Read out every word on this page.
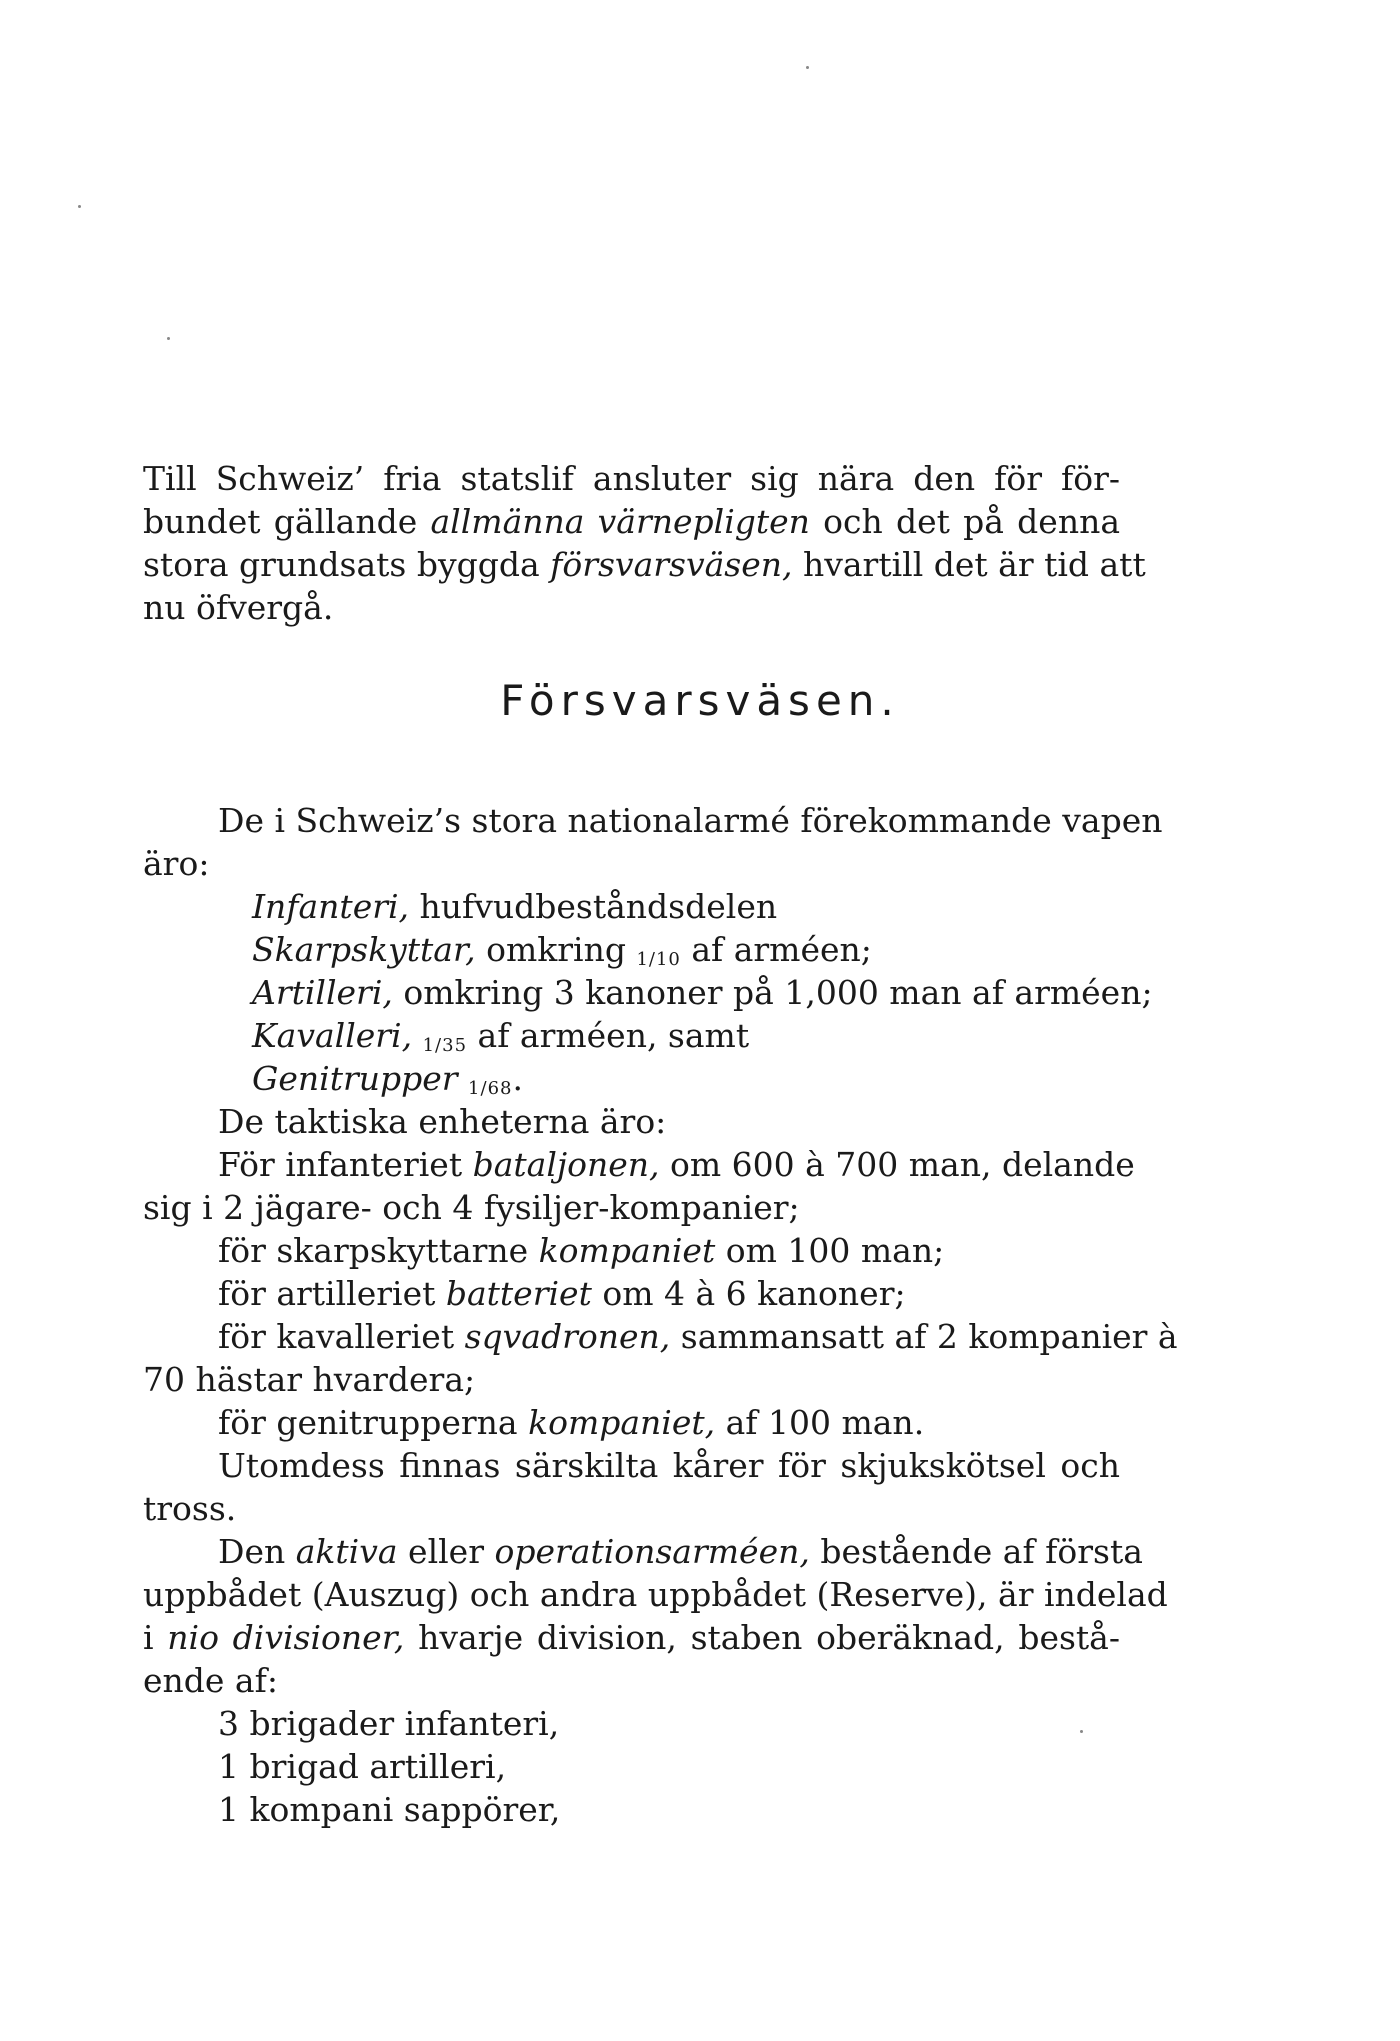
Till Schweiz’ fria statslif ansluter sig nära den för för-
bundet gällande allmänna värnepligten och det på denna
stora grundsats byggda försvarsväsen, hvartill det är tid att
nu öfvergå.
Försvarsväsen.
De i Schweiz’s stora nationalarmé förekommande vapen
äro:
Infanteri, hufvudbeståndsdelen
Skarpskyttar, omkring 1/10 af arméen;
Artilleri, omkring 3 kanoner på 1,000 man af arméen;
Kavalleri, 1/35 af arméen, samt
Genitrupper 1/68.
De taktiska enheterna äro:
För infanteriet bataljonen, om 600 à 700 man, delande
sig i 2 jägare- och 4 fysiljer-kompanier;
för skarpskyttarne kompaniet om 100 man;
för artilleriet batteriet om 4 à 6 kanoner;
för kavalleriet sqvadronen, sammansatt af 2 kompanier à
70 hästar hvardera;
för genitrupperna kompaniet, af 100 man.
Utomdess finnas särskilta kårer för skjukskötsel och
tross.
Den aktiva eller operationsarméen, bestående af första
uppbådet (Auszug) och andra uppbådet (Reserve), är indelad
i nio divisioner, hvarje division, staben oberäknad, bestå-
ende af:
3 brigader infanteri,
1 brigad artilleri,
1 kompani sappörer,
